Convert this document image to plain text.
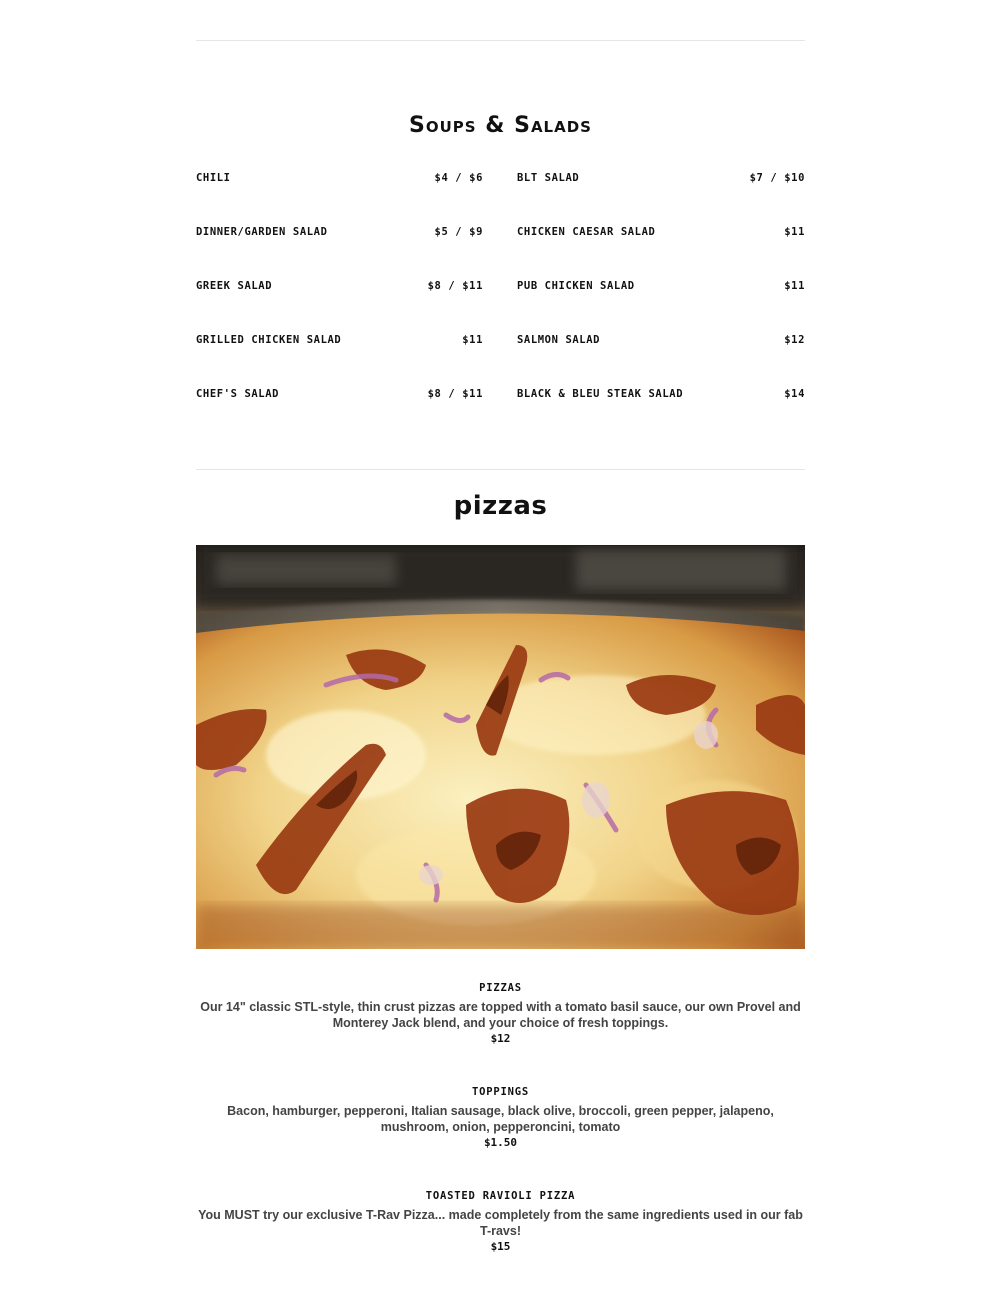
Soups & Salads
CHILI	$4 / $6
DINNER/GARDEN SALAD	$5 / $9
GREEK SALAD	$8 / $11
GRILLED CHICKEN SALAD	$11
CHEF'S SALAD	$8 / $11
BLT SALAD	$7 / $10
CHICKEN CAESAR SALAD	$11
PUB CHICKEN SALAD	$11
SALMON SALAD	$12
BLACK & BLEU STEAK SALAD	$14
pizzas
PIZZAS

Our 14" classic STL-style, thin crust pizzas are topped with a tomato basil sauce, our own Provel and Monterey Jack blend, and your choice of fresh toppings.

$12
TOPPINGS

Bacon, hamburger, pepperoni, Italian sausage, black olive, broccoli, green pepper, jalapeno, mushroom, onion, pepperoncini, tomato

$1.50
TOASTED RAVIOLI PIZZA

You MUST try our exclusive T-Rav Pizza... made completely from the same ingredients used in our fab T-ravs!

$15
